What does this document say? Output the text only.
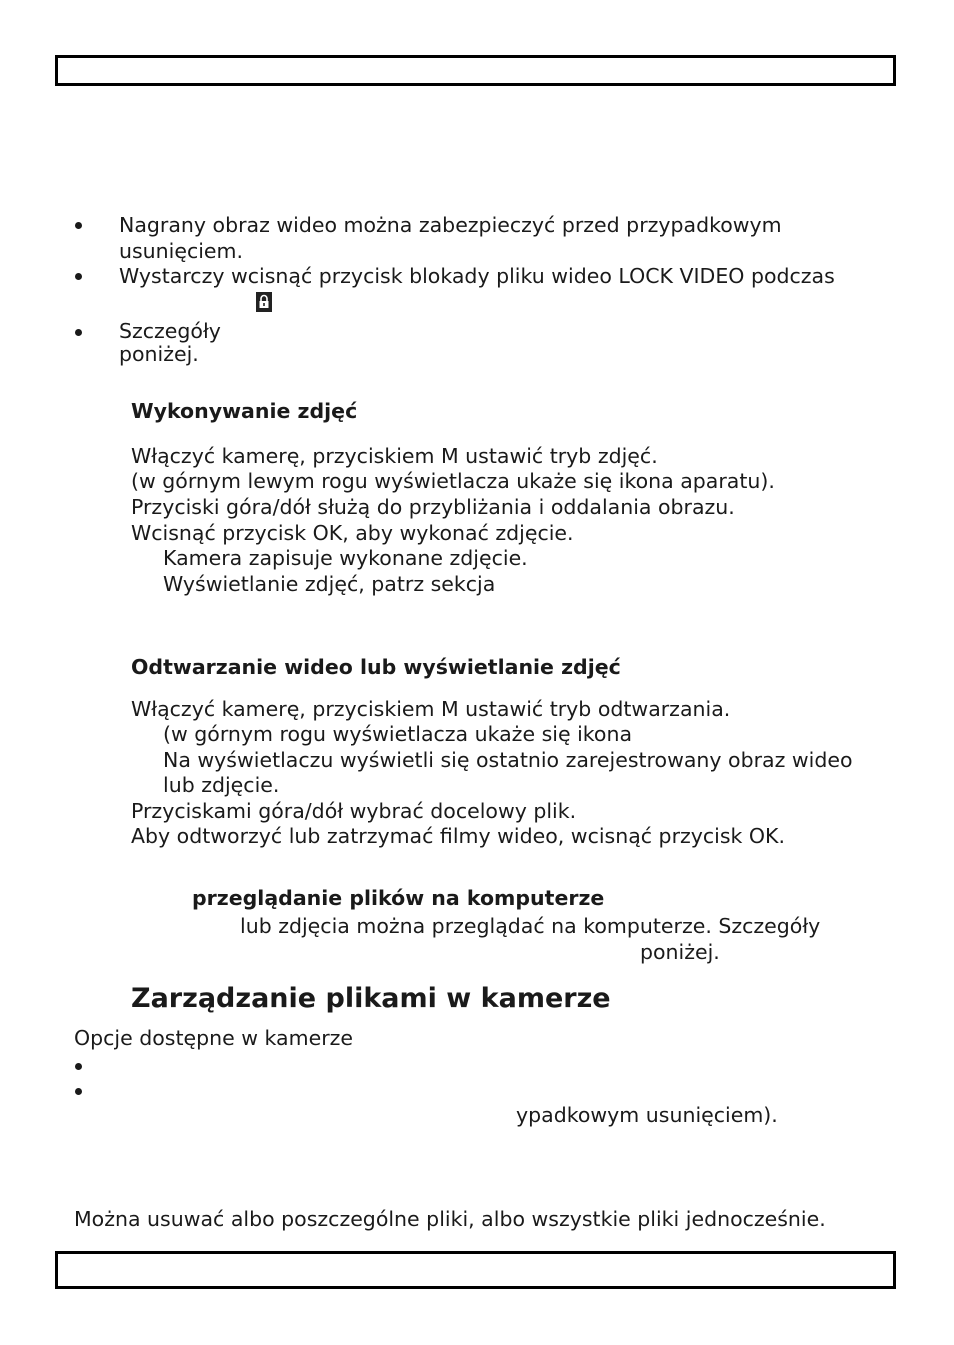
Nagrany obraz wideo można zabezpieczyć przed przypadkowym
usunięciem.
Wystarczy wcisnąć przycisk blokady pliku wideo LOCK VIDEO podczas
Szczegóły
poniżej.
Wykonywanie zdjęć
Włączyć kamerę, przyciskiem M ustawić tryb zdjęć.
(w górnym lewym rogu wyświetlacza ukaże się ikona aparatu).
Przyciski góra/dół służą do przybliżania i oddalania obrazu.
Wcisnąć przycisk OK, aby wykonać zdjęcie.
Kamera zapisuje wykonane zdjęcie.
Wyświetlanie zdjęć, patrz sekcja
Odtwarzanie wideo lub wyświetlanie zdjęć
Włączyć kamerę, przyciskiem M ustawić tryb odtwarzania.
(w górnym rogu wyświetlacza ukaże się ikona
Na wyświetlaczu wyświetli się ostatnio zarejestrowany obraz wideo
lub zdjęcie.
Przyciskami góra/dół wybrać docelowy plik.
Aby odtworzyć lub zatrzymać filmy wideo, wcisnąć przycisk OK.
przeglądanie plików na komputerze
lub zdjęcia można przeglądać na komputerze. Szczegóły
poniżej.
Zarządzanie plikami w kamerze
Opcje dostępne w kamerze
ypadkowym usunięciem).
Można usuwać albo poszczególne pliki, albo wszystkie pliki jednocześnie.
